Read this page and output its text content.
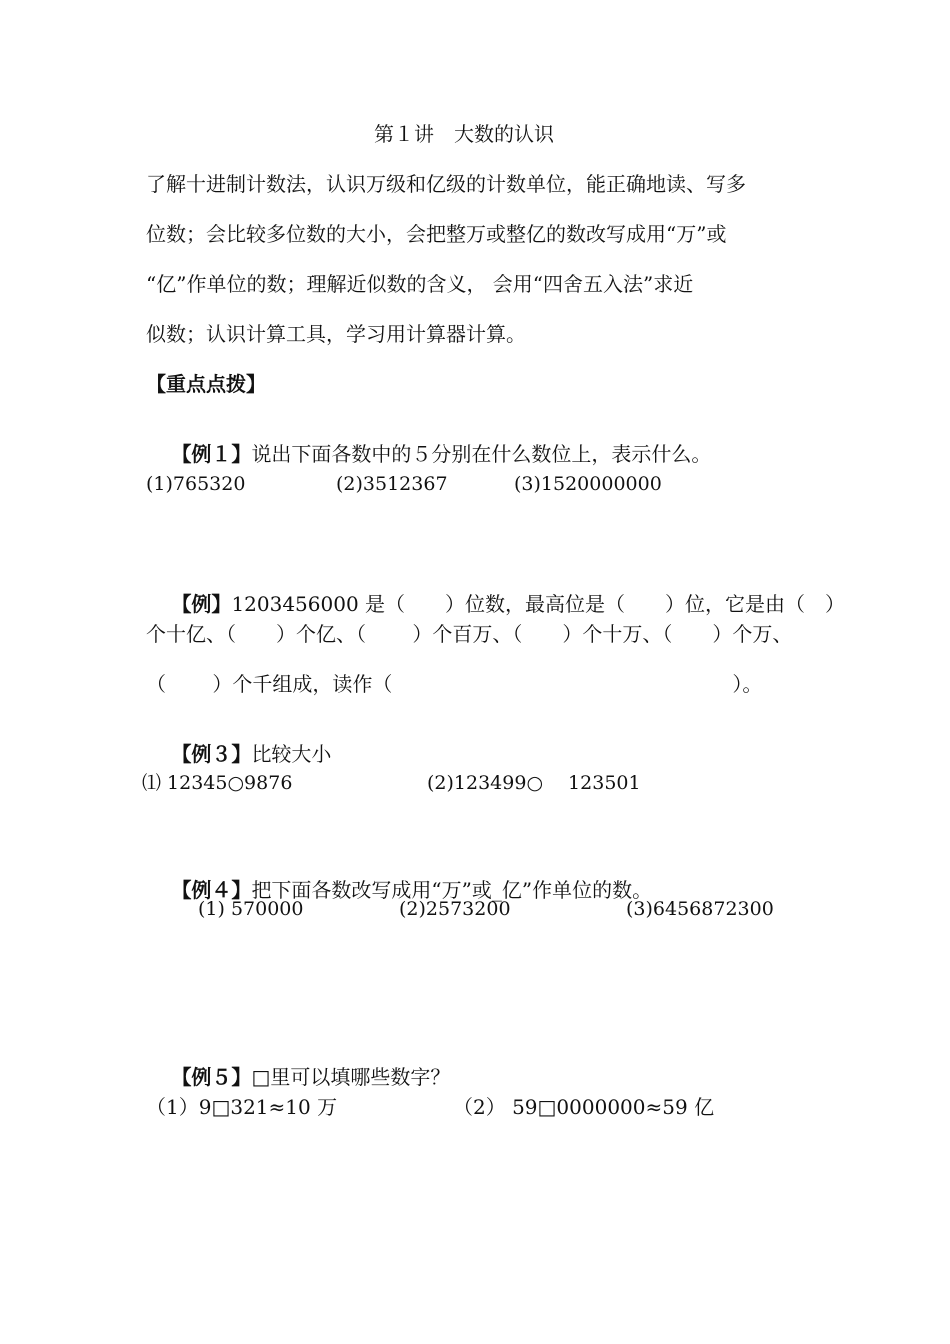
第１讲　大数的认识
了解十进制计数法，认识万级和亿级的计数单位，能正确地读、写多
位数；会比较多位数的大小，会把整万或整亿的数改写成用“万”或
“亿”作单位的数；理解近似数的含义， 会用“四舍五入法”求近
似数；认识计算工具，学习用计算器计算。
【重点点拨】

【例１】说出下面各数中的５分别在什么数位上，表示什么。

(1)765320	(2)3512367	(3)1520000000

【例】1203456000 是（　　）位数，最高位是（　　）位，它是由（　）

个十亿、（　　）个亿、（　　 ）个百万、（　　）个十万、（　　）个万、
（　　 ）个千组成，读作（　　　　　　　　　　　　　　　　　）。

【例３】比较大小

⑴ 12345○9876	(2)123499○　 123501

【例４】把下面各数改写成用“万”或_亿”作单位的数。

(1) 570000	(2)2573200	(3)6456872300

【例５】□里可以填哪些数字？

（1）9□321≈10 万	（2） 59□0000000≈59 亿
